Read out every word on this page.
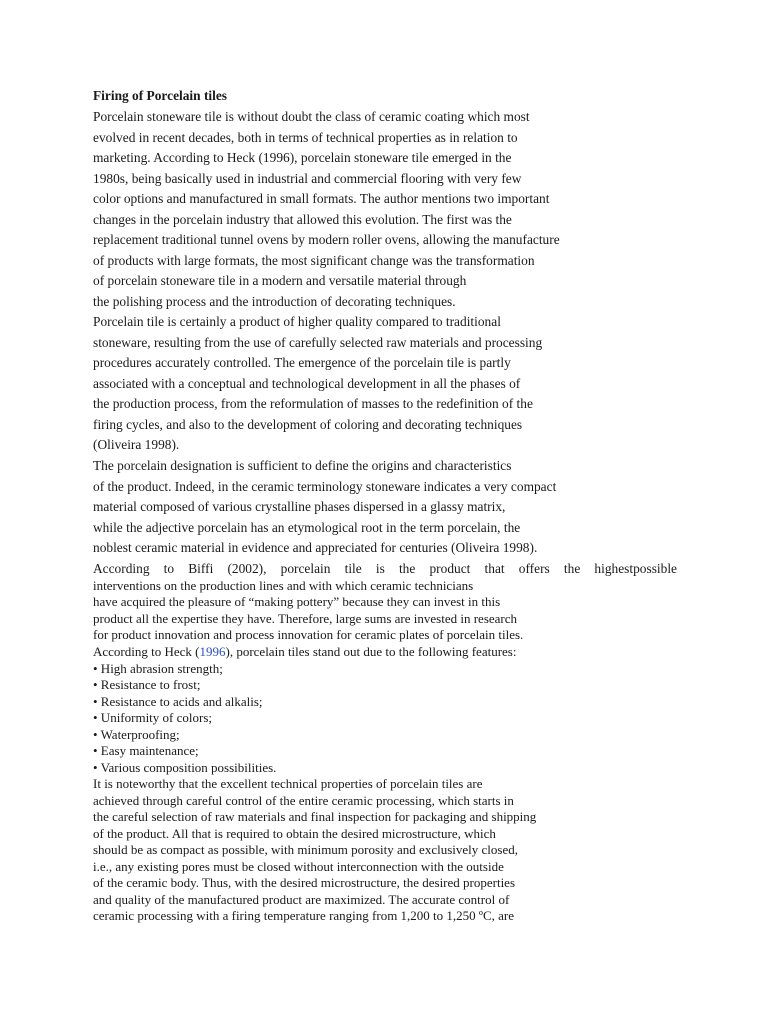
Firing of Porcelain tiles
Porcelain stoneware tile is without doubt the class of ceramic coating which most
evolved in recent decades, both in terms of technical properties as in relation to
marketing. According to Heck (1996), porcelain stoneware tile emerged in the
1980s, being basically used in industrial and commercial flooring with very few
color options and manufactured in small formats. The author mentions two important
changes in the porcelain industry that allowed this evolution. The first was the
replacement traditional tunnel ovens by modern roller ovens, allowing the manufacture
of products with large formats, the most significant change was the transformation
of porcelain stoneware tile in a modern and versatile material through
the polishing process and the introduction of decorating techniques.
Porcelain tile is certainly a product of higher quality compared to traditional
stoneware, resulting from the use of carefully selected raw materials and processing
procedures accurately controlled. The emergence of the porcelain tile is partly
associated with a conceptual and technological development in all the phases of
the production process, from the reformulation of masses to the redefinition of the
firing cycles, and also to the development of coloring and decorating techniques
(Oliveira 1998).
The porcelain designation is sufficient to define the origins and characteristics
of the product. Indeed, in the ceramic terminology stoneware indicates a very compact
material composed of various crystalline phases dispersed in a glassy matrix,
while the adjective porcelain has an etymological root in the term porcelain, the
noblest ceramic material in evidence and appreciated for centuries (Oliveira 1998).
According to Biffi (2002), porcelain tile is the product that offers the highestpossible
interventions on the production lines and with which ceramic technicians
have acquired the pleasure of “making pottery” because they can invest in this
product all the expertise they have. Therefore, large sums are invested in research
for product innovation and process innovation for ceramic plates of porcelain tiles.
According to Heck (1996), porcelain tiles stand out due to the following features:
• High abrasion strength;
• Resistance to frost;
• Resistance to acids and alkalis;
• Uniformity of colors;
• Waterproofing;
• Easy maintenance;
• Various composition possibilities.
It is noteworthy that the excellent technical properties of porcelain tiles are
achieved through careful control of the entire ceramic processing, which starts in
the careful selection of raw materials and final inspection for packaging and shipping
of the product. All that is required to obtain the desired microstructure, which
should be as compact as possible, with minimum porosity and exclusively closed,
i.e., any existing pores must be closed without interconnection with the outside
of the ceramic body. Thus, with the desired microstructure, the desired properties
and quality of the manufactured product are maximized. The accurate control of
ceramic processing with a firing temperature ranging from 1,200 to 1,250 ºC, are
